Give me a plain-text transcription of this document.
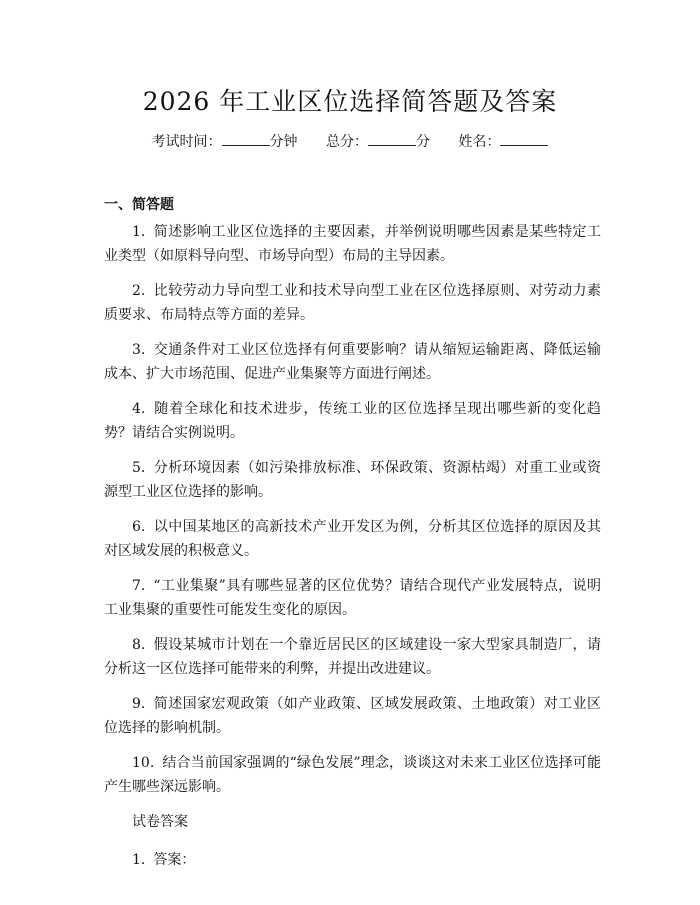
2026 年工业区位选择简答题及答案
考试时间：	分钟 总分：	分 姓名：
一、简答题

1. 简述影响工业区位选择的主要因素，并举例说明哪些因素是某些特定工业类型（如原料导向型、市场导向型）布局的主导因素。

2. 比较劳动力导向型工业和技术导向型工业在区位选择原则、对劳动力素质要求、布局特点等方面的差异。

3. 交通条件对工业区位选择有何重要影响？请从缩短运输距离、降低运输成本、扩大市场范围、促进产业集聚等方面进行阐述。

4. 随着全球化和技术进步，传统工业的区位选择呈现出哪些新的变化趋势？请结合实例说明。

5. 分析环境因素（如污染排放标准、环保政策、资源枯竭）对重工业或资源型工业区位选择的影响。

6. 以中国某地区的高新技术产业开发区为例，分析其区位选择的原因及其对区域发展的积极意义。

7. “工业集聚”具有哪些显著的区位优势？请结合现代产业发展特点，说明工业集聚的重要性可能发生变化的原因。

8. 假设某城市计划在一个靠近居民区的区域建设一家大型家具制造厂，请分析这一区位选择可能带来的利弊，并提出改进建议。

9. 简述国家宏观政策（如产业政策、区域发展政策、土地政策）对工业区位选择的影响机制。

10. 结合当前国家强调的“绿色发展”理念，谈谈这对未来工业区位选择可能产生哪些深远影响。

试卷答案

1. 答案：
